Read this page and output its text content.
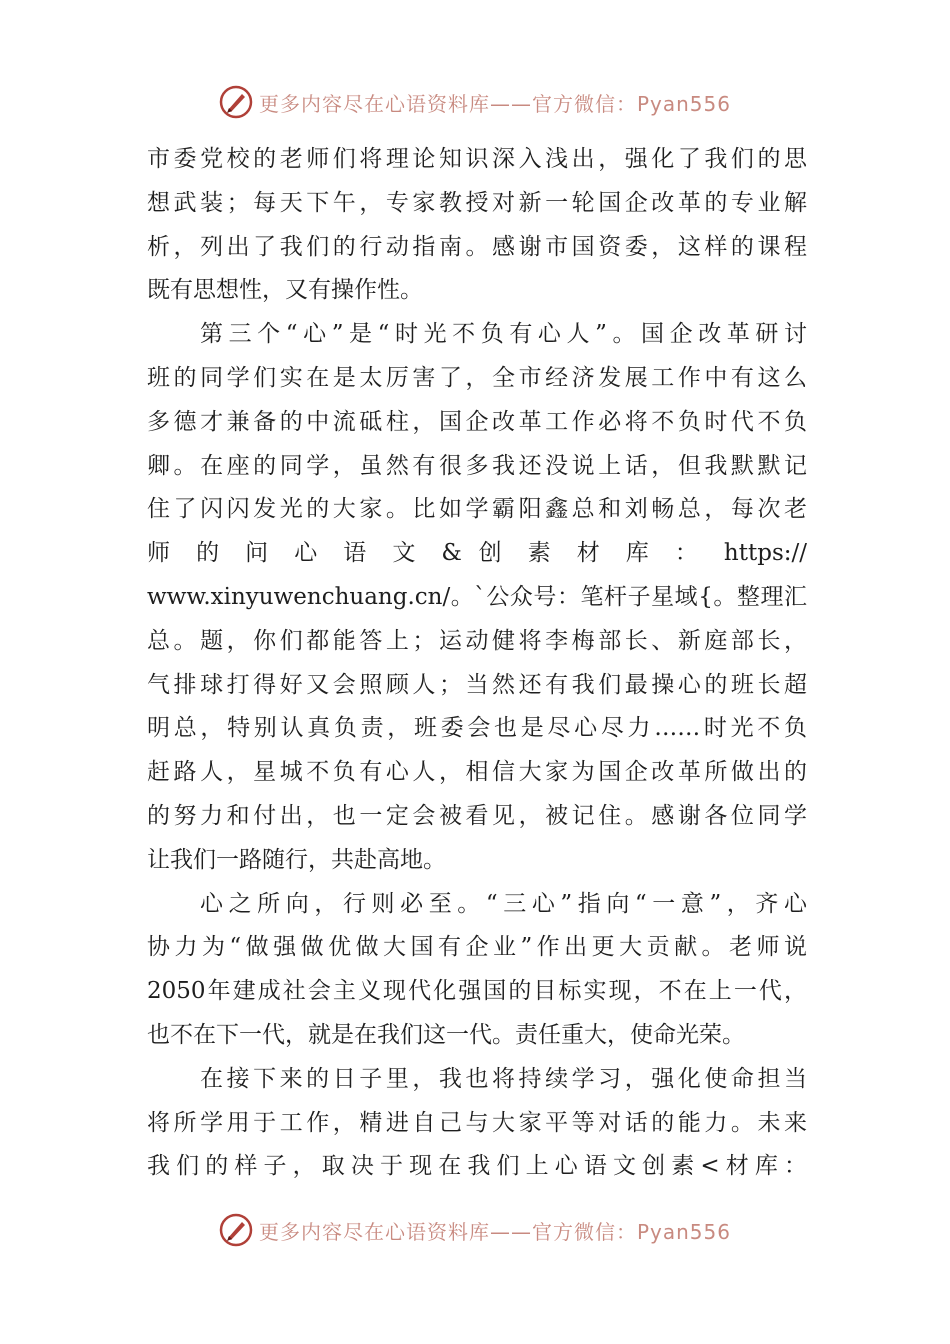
更多内容尽在心语资料库——官方微信：Pyan556
市委党校的老师们将理论知识深入浅出，强化了我们的思
想武装；每天下午，专家教授对新一轮国企改革的专业解
析，列出了我们的行动指南。感谢市国资委，这样的课程
既有思想性，又有操作性。
第三个“心”是“时光不负有心人”。国企改革研讨
班的同学们实在是太厉害了，全市经济发展工作中有这么
多德才兼备的中流砥柱，国企改革工作必将不负时代不负
卿。在座的同学，虽然有很多我还没说上话，但我默默记
住了闪闪发光的大家。比如学霸阳鑫总和刘畅总，每次老
师 的 问 心 语 文 & 创 素 材 库 ： https://
www.xinyuwenchuang.cn/。`公众号：笔杆子星域{。整理汇
总。题，你们都能答上；运动健将李梅部长、新庭部长，
气排球打得好又会照顾人；当然还有我们最操心的班长超
明总，特别认真负责，班委会也是尽心尽力……时光不负
赶路人，星城不负有心人，相信大家为国企改革所做出的
的努力和付出，也一定会被看见，被记住。感谢各位同学
让我们一路随行，共赴高地。
心之所向，行则必至。“三心”指向“一意”，齐心
协力为“做强做优做大国有企业”作出更大贡献。老师说
2050年建成社会主义现代化强国的目标实现，不在上一代，
也不在下一代，就是在我们这一代。责任重大，使命光荣。
在接下来的日子里，我也将持续学习，强化使命担当
将所学用于工作，精进自己与大家平等对话的能力。未来
我们的样子，取决于现在我们上心语文创素<材库：
更多内容尽在心语资料库——官方微信：Pyan556
